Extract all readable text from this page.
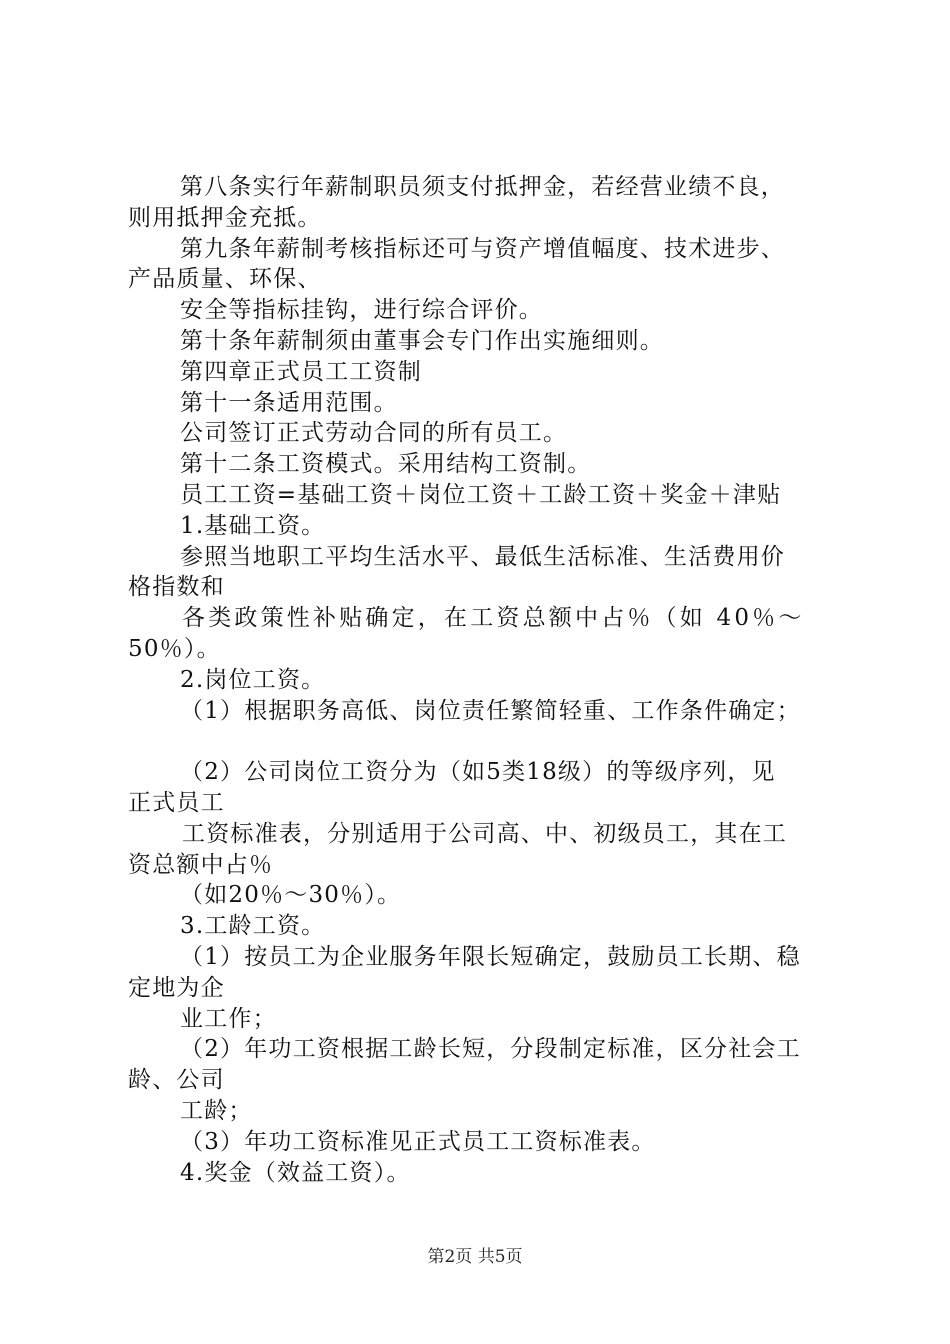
第八条实行年薪制职员须支付抵押金，若经营业绩不良，
则用抵押金充抵。
第九条年薪制考核指标还可与资产增值幅度、技术进步、
产品质量、环保、
安全等指标挂钩，进行综合评价。
第十条年薪制须由董事会专门作出实施细则。
第四章正式员工工资制
第十一条适用范围。
公司签订正式劳动合同的所有员工。
第十二条工资模式。采用结构工资制。
员工工资=基础工资＋岗位工资＋工龄工资＋奖金＋津贴
1.基础工资。
参照当地职工平均生活水平、最低生活标准、生活费用价
格指数和
各类政策性补贴确定，在工资总额中占％（如 40％～
50％）。
2.岗位工资。
（1）根据职务高低、岗位责任繁简轻重、工作条件确定；
（2）公司岗位工资分为（如5类18级）的等级序列，见
正式员工
工资标准表，分别适用于公司高、中、初级员工，其在工
资总额中占％
（如20％～30％）。
3.工龄工资。
（1）按员工为企业服务年限长短确定，鼓励员工长期、稳
定地为企
业工作；
（2）年功工资根据工龄长短，分段制定标准，区分社会工
龄、公司
工龄；
（3）年功工资标准见正式员工工资标准表。
4.奖金（效益工资）。
第2页 共5页
